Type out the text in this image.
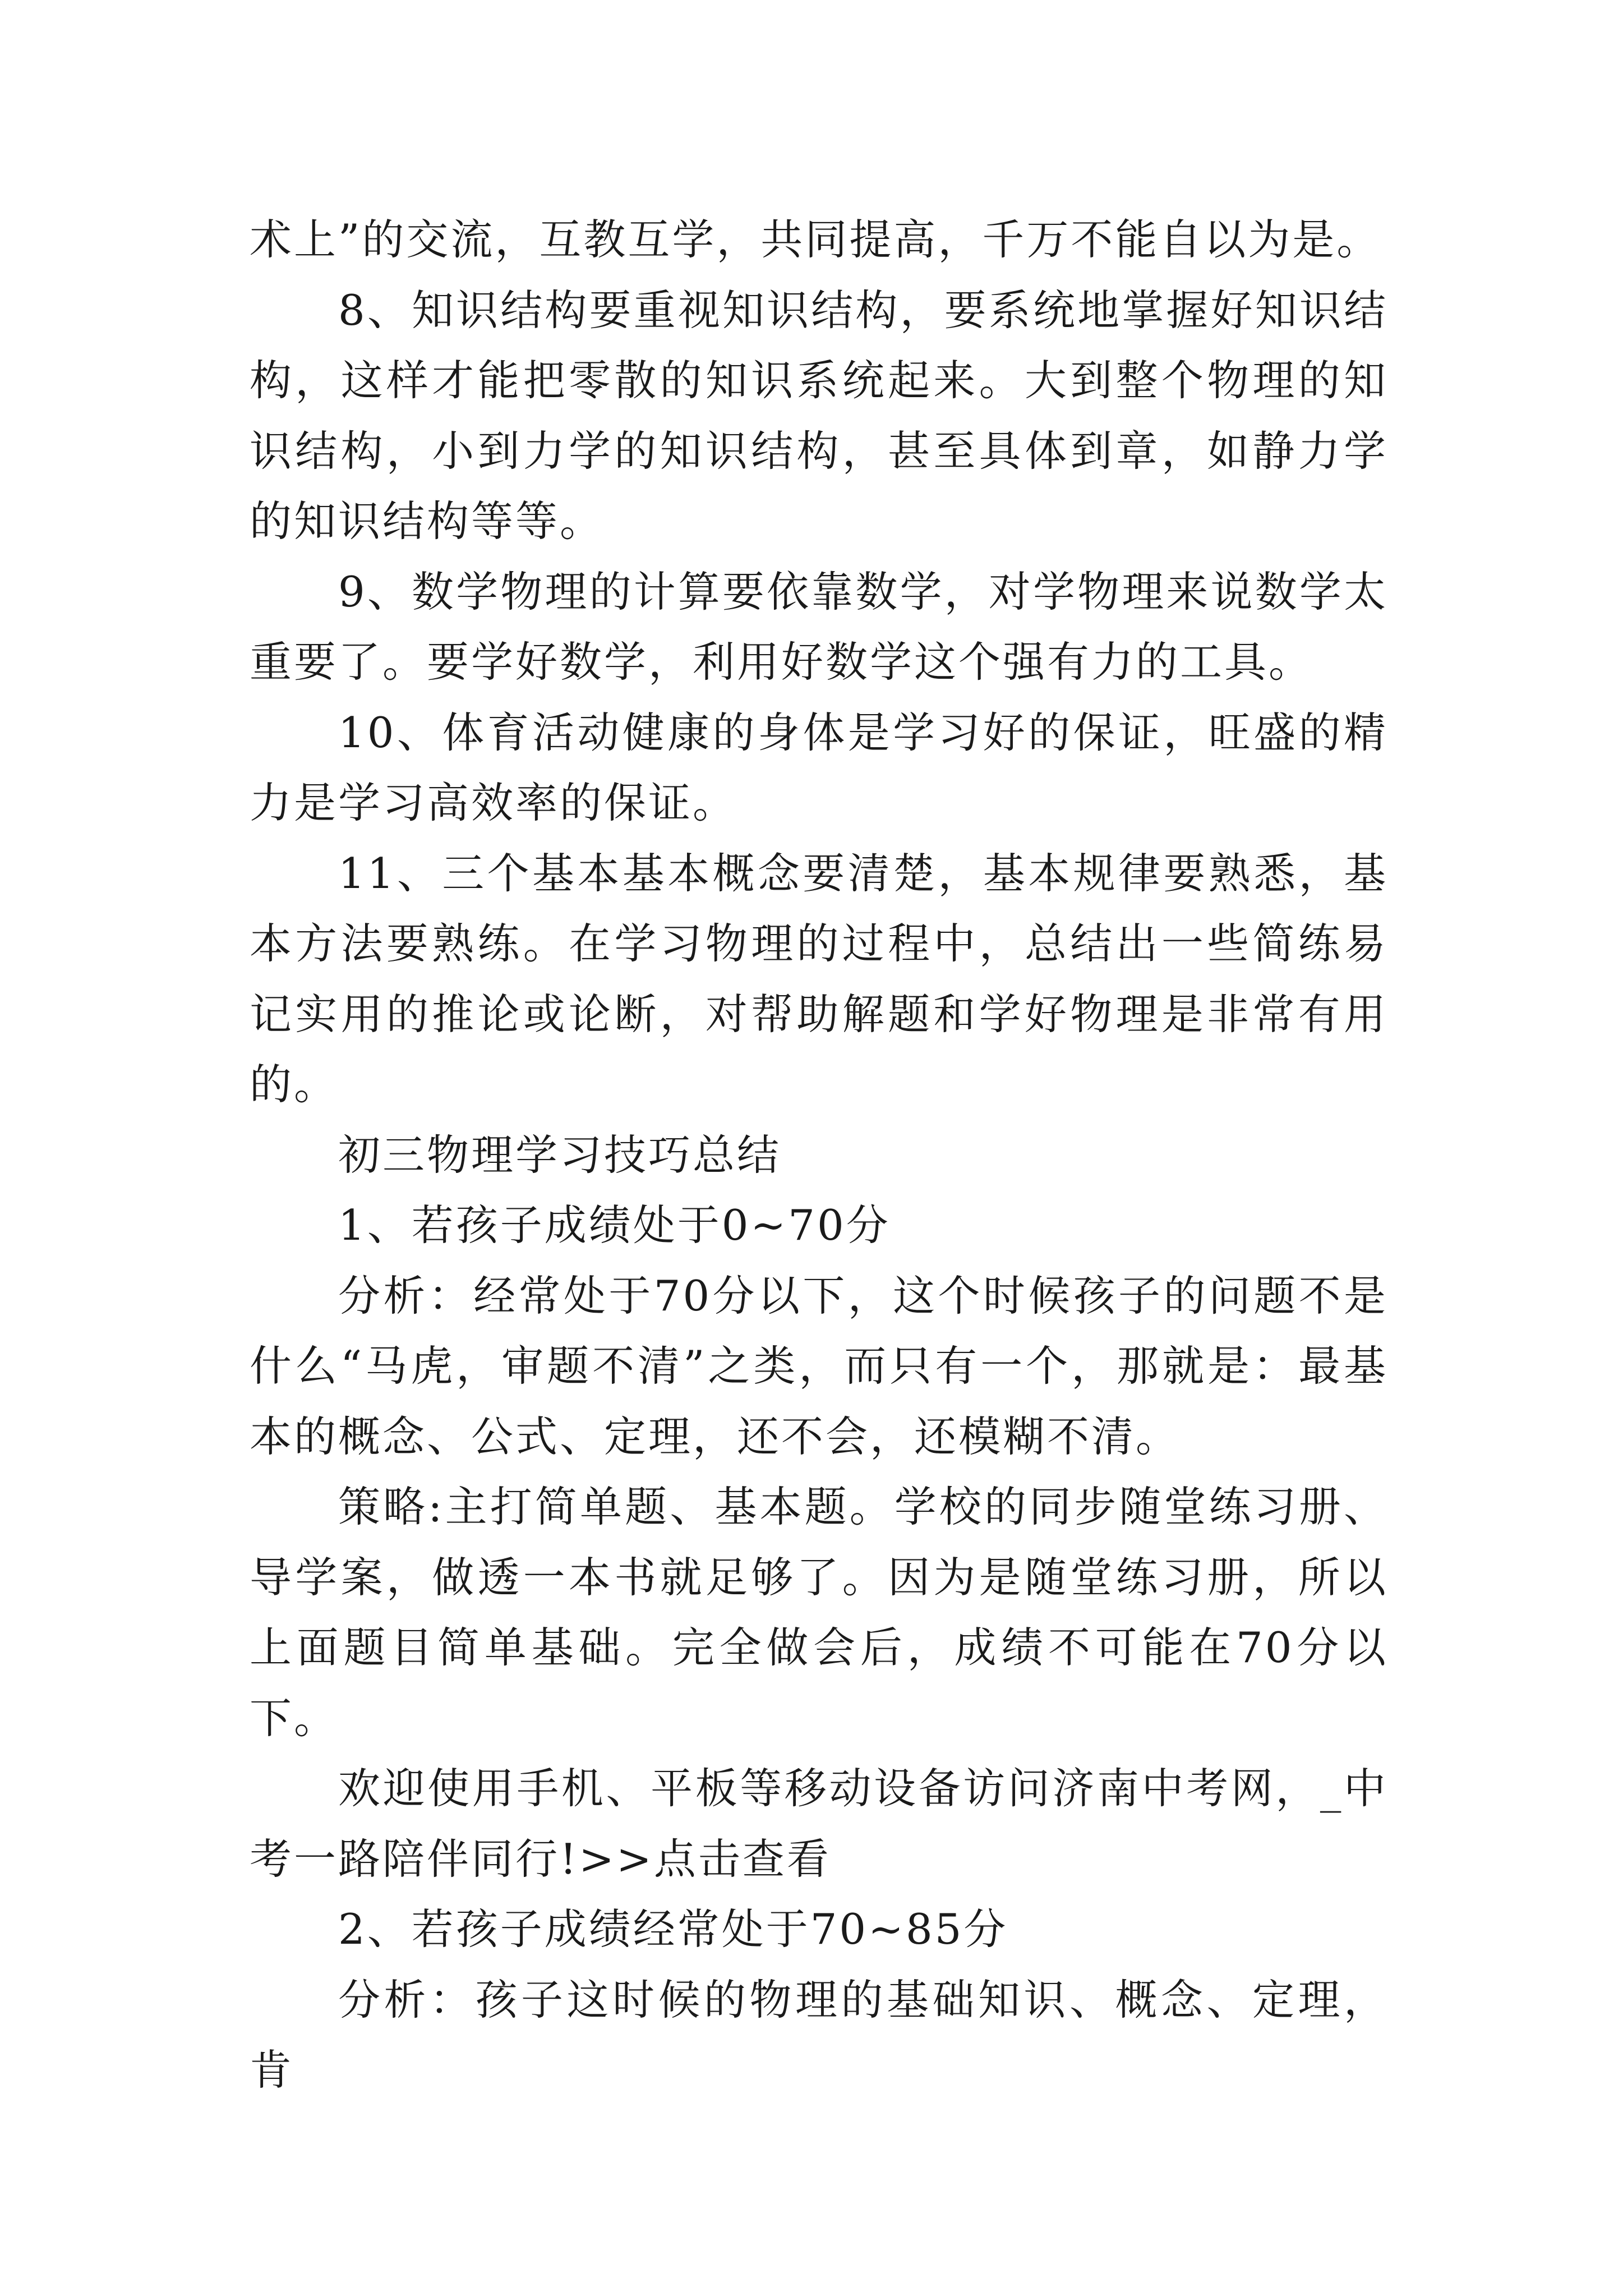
术上”的交流，互教互学，共同提高，千万不能自以为是。

8、知识结构要重视知识结构，要系统地掌握好知识结构，这样才能把零散的知识系统起来。大到整个物理的知识结构，小到力学的知识结构，甚至具体到章，如静力学的知识结构等等。

9、数学物理的计算要依靠数学，对学物理来说数学太重要了。要学好数学，利用好数学这个强有力的工具。

10、体育活动健康的身体是学习好的保证，旺盛的精力是学习高效率的保证。

11、三个基本基本概念要清楚，基本规律要熟悉，基本方法要熟练。在学习物理的过程中，总结出一些简练易记实用的推论或论断，对帮助解题和学好物理是非常有用的。

初三物理学习技巧总结

1、若孩子成绩处于0~70分

分析：经常处于70分以下，这个时候孩子的问题不是什么“马虎，审题不清”之类，而只有一个，那就是：最基本的概念、公式、定理，还不会，还模糊不清。

策略:主打简单题、基本题。学校的同步随堂练习册、导学案，做透一本书就足够了。因为是随堂练习册，所以上面题目简单基础。完全做会后，成绩不可能在70分以下。

欢迎使用手机、平板等移动设备访问济南中考网，_中考一路陪伴同行!>>点击查看

2、若孩子成绩经常处于70~85分

分析：孩子这时候的物理的基础知识、概念、定理，肯
